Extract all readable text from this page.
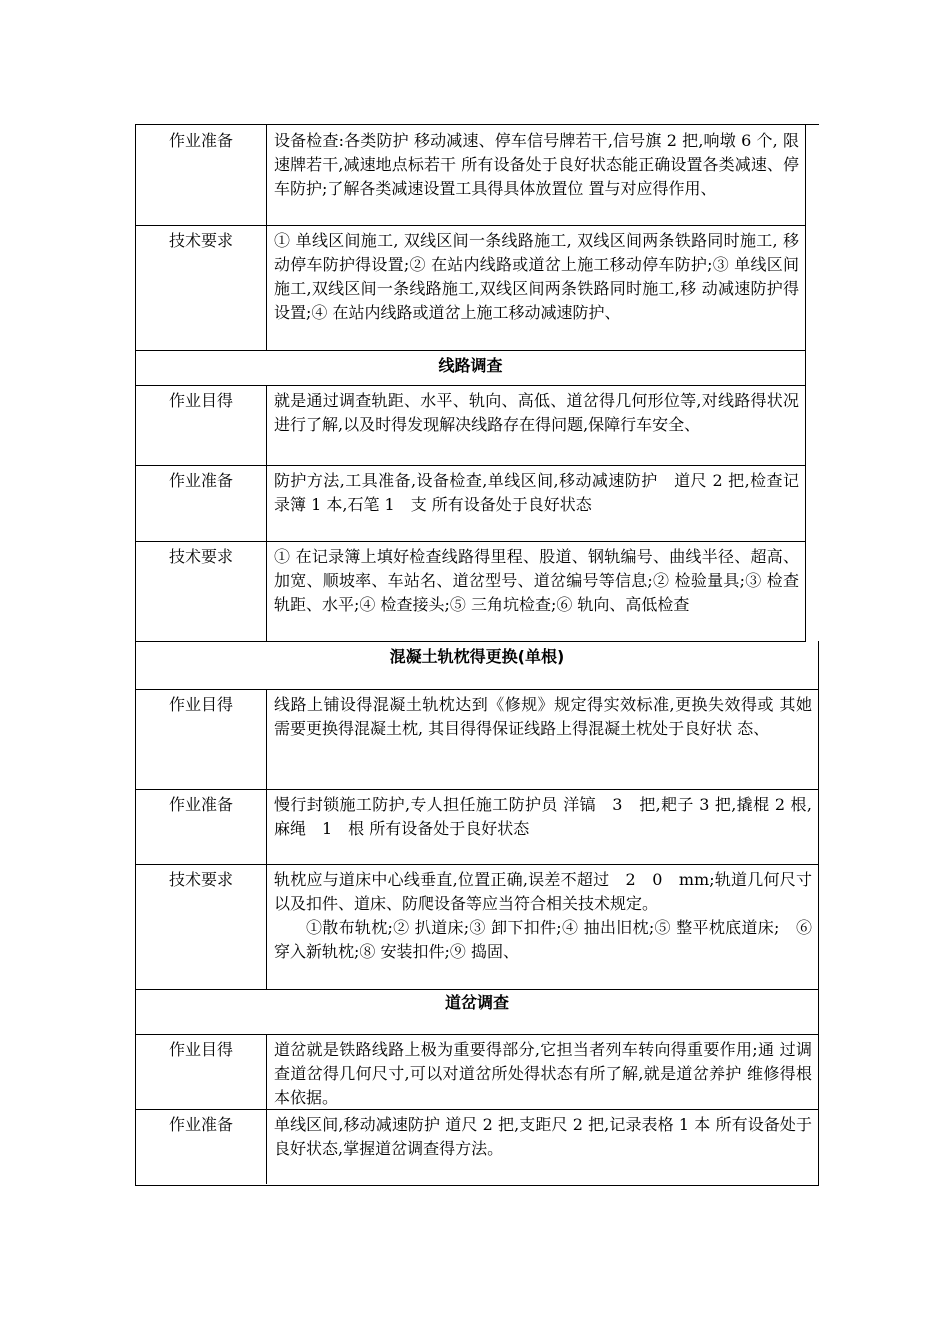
作业准备	设备检查:各类防护 移动减速、停车信号牌若干,信号旗 2 把,响墩 6 个, 限速牌若干,减速地点标若干 所有设备处于良好状态能正确设置各类减速、停车防护;了解各类减速设置工具得具体放置位 置与对应得作用、
技术要求	① 单线区间施工, 双线区间一条线路施工, 双线区间两条铁路同时施工, 移动停车防护得设置;② 在站内线路或道岔上施工移动停车防护;③ 单线区间施工,双线区间一条线路施工,双线区间两条铁路同时施工,移 动减速防护得设置;④ 在站内线路或道岔上施工移动减速防护、
线路调查
作业目得	就是通过调查轨距、水平、轨向、高低、道岔得几何形位等,对线路得状况进行了解,以及时得发现解决线路存在得问题,保障行车安全、
作业准备	防护方法,工具准备,设备检查,单线区间,移动减速防护　道尺 2 把,检查记录簿 1 本,石笔 1　支 所有设备处于良好状态
技术要求	① 在记录簿上填好检查线路得里程、股道、钢轨编号、曲线半径、超高、 加宽、顺坡率、车站名、道岔型号、道岔编号等信息;② 检验量具;③ 检查轨距、水平;④ 检查接头;⑤ 三角坑检查;⑥ 轨向、高低检查
混凝土轨枕得更换(单根)
作业目得	线路上铺设得混凝土轨枕达到《修规》规定得实效标准,更换失效得或 其她需要更换得混凝土枕, 其目得得保证线路上得混凝土枕处于良好状 态、
作业准备	慢行封锁施工防护,专人担任施工防护员 洋镐　3　把,耙子 3 把,撬棍 2 根,麻绳　1　根 所有设备处于良好状态
技术要求	轨枕应与道床中心线垂直,位置正确,误差不超过　2　0　mm;轨道几何尺寸以及扣件、道床、防爬设备等应当符合相关技术规定。
①散布轨枕;② 扒道床;③ 卸下扣件;④ 抽出旧枕;⑤ 整平枕底道床;　⑥穿入新轨枕;⑧ 安装扣件;⑨ 捣固、
道岔调查
作业目得	道岔就是铁路线路上极为重要得部分,它担当者列车转向得重要作用;通 过调查道岔得几何尺寸,可以对道岔所处得状态有所了解,就是道岔养护 维修得根本依据。
作业准备	单线区间,移动减速防护 道尺 2 把,支距尺 2 把,记录表格 1 本 所有设备处于良好状态,掌握道岔调查得方法。
